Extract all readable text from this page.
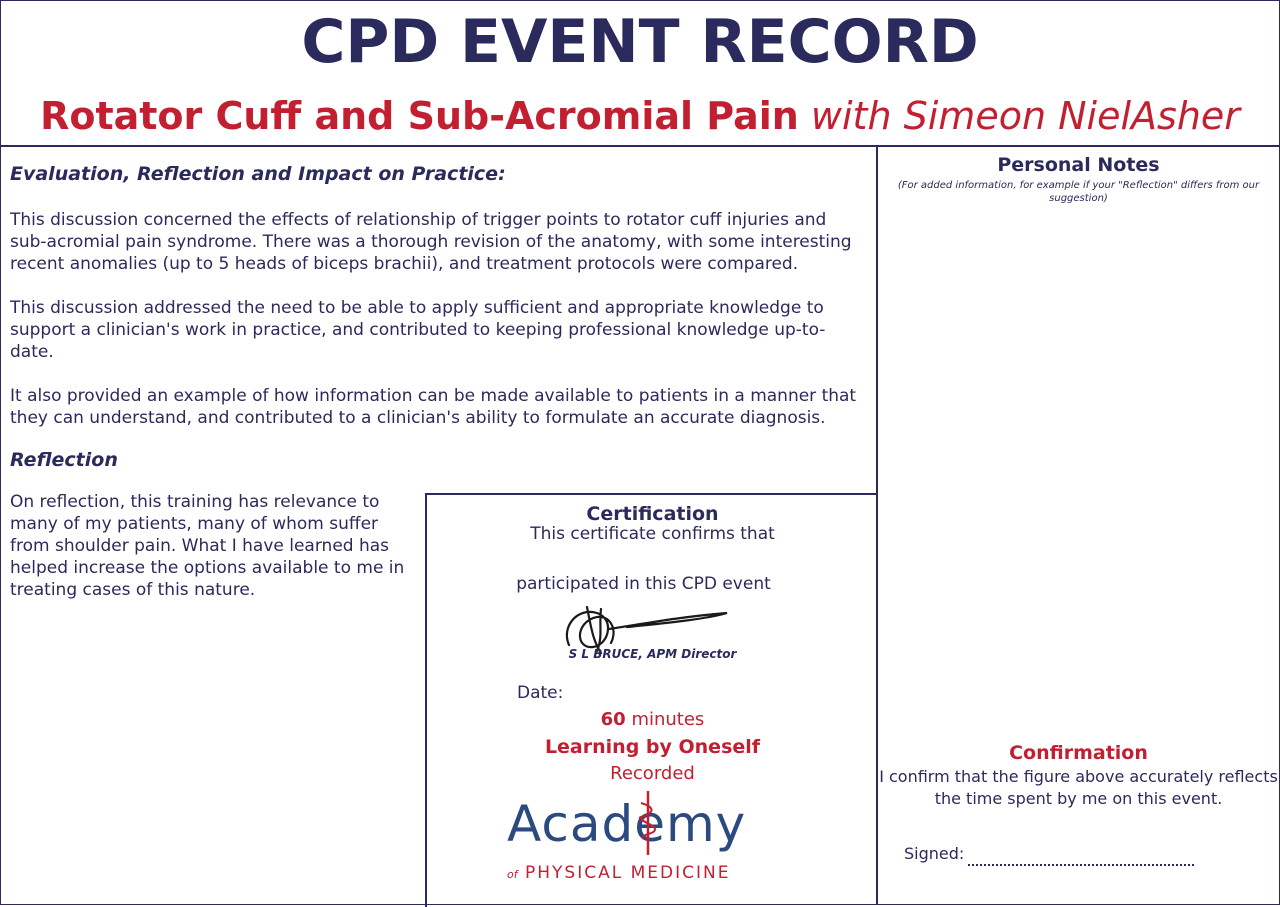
CPD EVENT RECORD
Rotator Cuff and Sub-Acromial Pain with Simeon NielAsher

Evaluation, Reflection and Impact on Practice:

This discussion concerned the effects of relationship of trigger points to rotator cuff injuries and sub-acromial pain syndrome. There was a thorough revision of the anatomy, with some interesting recent anomalies (up to 5 heads of biceps brachii), and treatment protocols were compared.

This discussion addressed the need to be able to apply sufficient and appropriate knowledge to support a clinician's work in practice, and contributed to keeping professional knowledge up-to-date.

It also provided an example of how information can be made available to patients in a manner that they can understand, and contributed to a clinician's ability to formulate an accurate diagnosis.

Reflection

On reflection, this training has relevance to many of my patients, many of whom suffer from shoulder pain. What I have learned has helped increase the options available to me in treating cases of this nature.

Certification
This certificate confirms that
participated in this CPD event
S L BRUCE, APM Director
Date:
60 minutes
Learning by Oneself
Recorded
Academy
of PHYSICAL MEDICINE
Personal Notes
(For added information, for example if your "Reflection" differs from our suggestion)
Confirmation
I confirm that the figure above accurately reflects the time spent by me on this event.
Signed:
